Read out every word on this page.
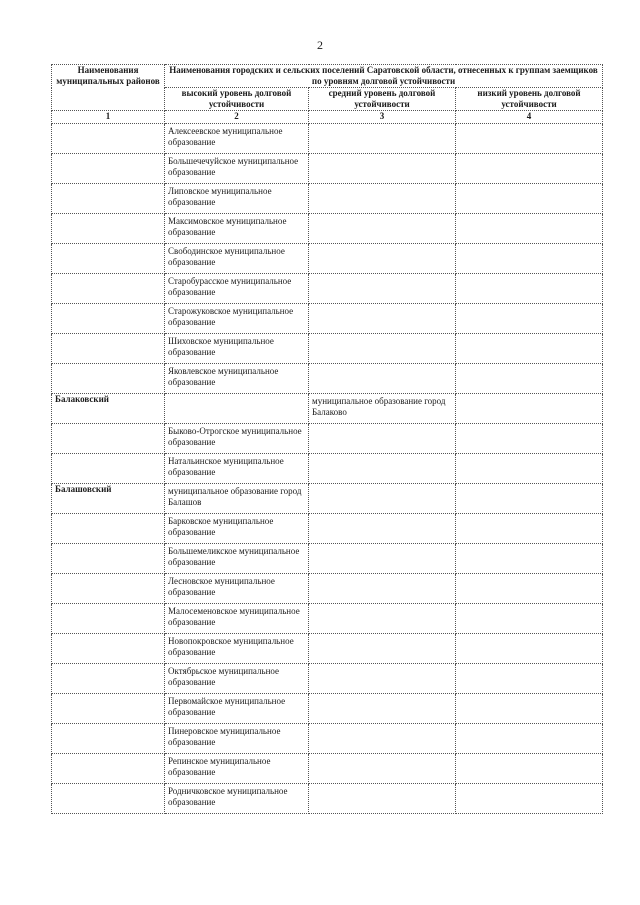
2
Наименования муниципальных районов	Наименования городских и сельских поселений Саратовской области, отнесенных к группам заемщиков по уровням долговой устойчивости		
	высокий уровень долговой устойчивости	средний уровень долговой устойчивости	низкий уровень долговой устойчивости
1	2	3	4

	Алексеевское муниципальное образование		

	Большечечуйское муниципальное образование		

	Липовское муниципальное образование		

	Максимовское муниципальное образование		

	Свободинское муниципальное образование		

	Старобурасское муниципальное образование		

	Старожуковское муниципальное образование		

	Шиховское муниципальное образование		

	Яковлевское муниципальное образование		

Балаковский		муниципальное образование город Балаково	

	Быково-Отрогское муниципальное образование		

	Натальинское муниципальное образование		

Балашовский	муниципальное образование город Балашов		

	Барковское муниципальное образование		

	Большемеликское муниципальное образование		

	Лесновское муниципальное образование		

	Малосеменовское муниципальное образование		

	Новопокровское муниципальное образование		

	Октябрьское муниципальное образование		

	Первомайское муниципальное образование		

	Пинеровское муниципальное образование		

	Репинское муниципальное образование		

	Родничковское муниципальное образование		
